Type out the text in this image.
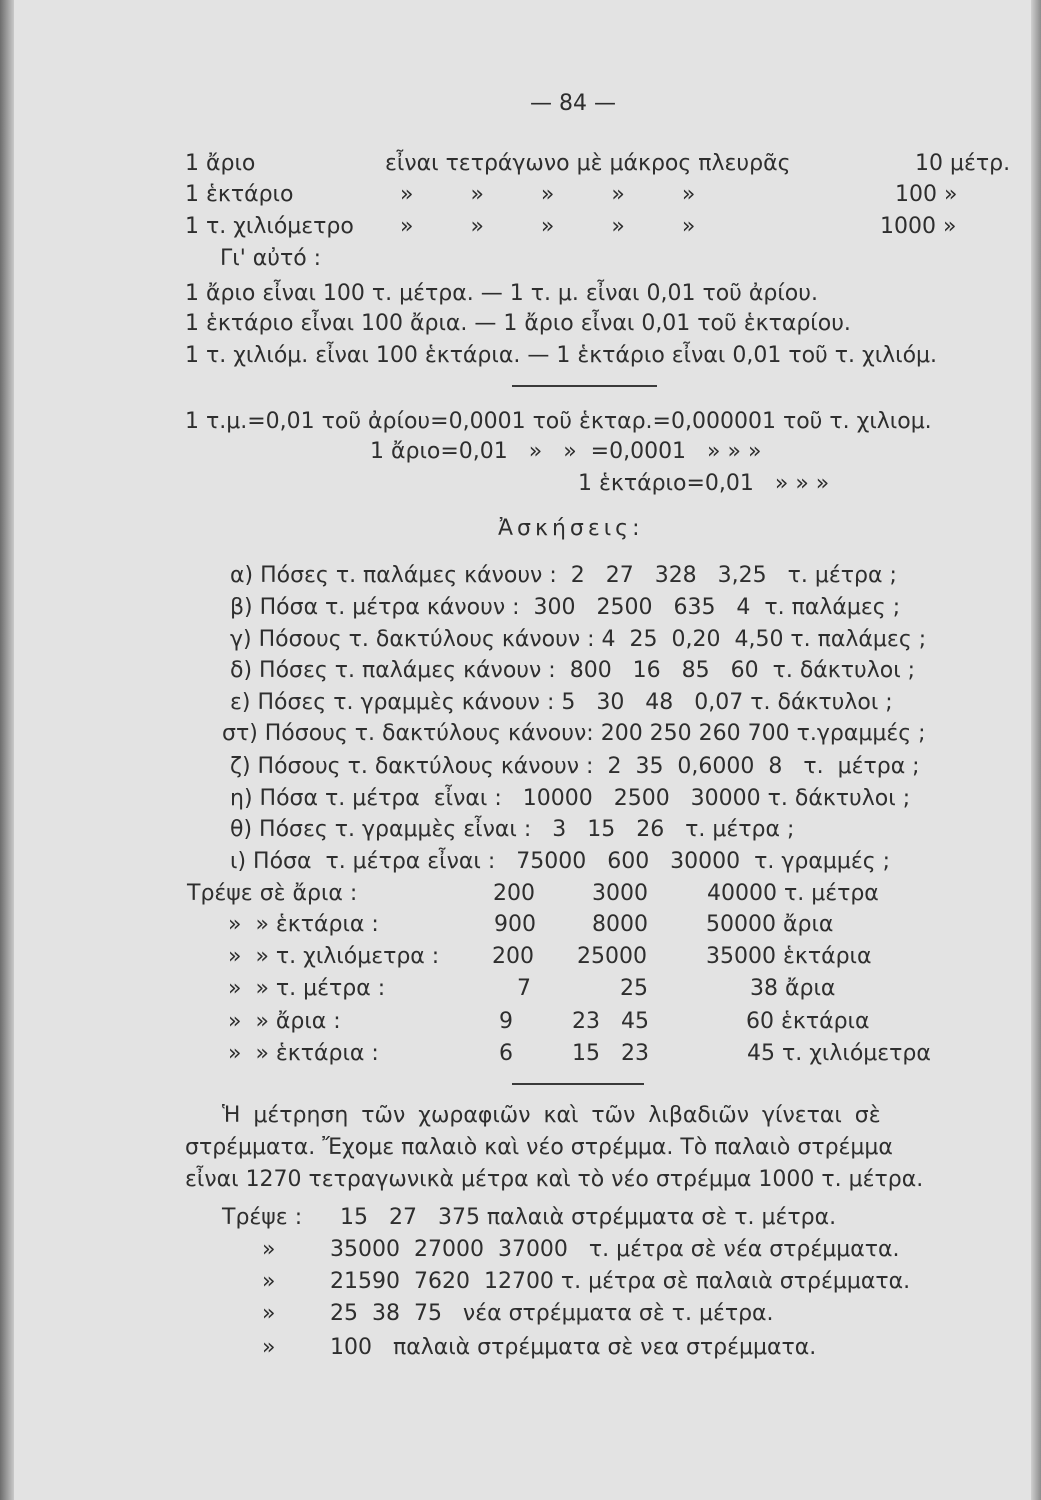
— 84 —
1 ἄριο	εἶναι τετράγωνο μὲ μάκρος πλευρᾶς	10 μέτρ.
1 ἑκτάριο	» » » » »	100 »
1 τ. χιλιόμετρο » » » » »	1000 »
Γι' αὐτό :
1 ἄριο εἶναι 100 τ. μέτρα. — 1 τ. μ. εἶναι 0,01 τοῦ ἀρίου.
1 ἑκτάριο εἶναι 100 ἄρια. — 1 ἄριο εἶναι 0,01 τοῦ ἑκταρίου.
1 τ. χιλιόμ. εἶναι 100 ἑκτάρια. — 1 ἑκτάριο εἶναι 0,01 τοῦ τ. χιλιόμ.
1 τ.μ.=0,01 τοῦ ἀρίου=0,0001 τοῦ ἑκταρ.=0,000001 τοῦ τ. χιλιομ.
1 ἄριο=0,01   »   »  =0,0001   » » »
1 ἑκτάριο=0,01   » » »
Ἀσκήσεις:
α) Πόσες τ. παλάμες κάνουν :  2   27   328   3,25   τ. μέτρα ;
β) Πόσα τ. μέτρα κάνουν :  300   2500   635   4  τ. παλάμες ;
γ) Πόσους τ. δακτύλους κάνουν : 4  25  0,20  4,50 τ. παλάμες ;
δ) Πόσες τ. παλάμες κάνουν :  800   16   85   60  τ. δάκτυλοι ;
ε) Πόσες τ. γραμμὲς κάνουν : 5   30   48   0,07 τ. δάκτυλοι ;
στ) Πόσους τ. δακτύλους κάνουν: 200 250 260 700 τ.γραμμές ;
ζ) Πόσους τ. δακτύλους κάνουν :  2  35  0,6000  8   τ.  μέτρα ;
η) Πόσα τ. μέτρα  εἶναι :   10000   2500   30000 τ. δάκτυλοι ;
θ) Πόσες τ. γραμμὲς εἶναι :   3   15   26   τ. μέτρα ;
ι) Πόσα  τ. μέτρα εἶναι :   75000   600   30000  τ. γραμμές ;
Τρέψε σὲ ἄρια :	200	3000	40000 τ. μέτρα
»  » ἑκτάρια :	900	8000	50000 ἄρια
»  » τ. χιλιόμετρα : 200 25000	35000 ἑκτάρια
»  » τ. μέτρα :	7	25	38 ἄρια
»  » ἄρια :	9	23   45	60 ἑκτάρια
»  » ἑκτάρια :	6	15   23	45 τ. χιλιόμετρα
Ἡ μέτρηση τῶν χωραφιῶν καὶ τῶν λιβαδιῶν γίνεται σὲ
στρέμματα. Ἔχομε παλαιὸ καὶ νέο στρέμμα. Τὸ παλαιὸ στρέμμα
εἶναι 1270 τετραγωνικὰ μέτρα καὶ τὸ νέο στρέμμα 1000 τ. μέτρα.
Τρέψε : 15   27   375 παλαιὰ στρέμματα σὲ τ. μέτρα.
» 35000  27000  37000   τ. μέτρα σὲ νέα στρέμματα.
» 21590  7620  12700 τ. μέτρα σὲ παλαιὰ στρέμματα.
» 25  38  75   νέα στρέμματα σὲ τ. μέτρα.
» 100   παλαιὰ στρέμματα σὲ νεα στρέμματα.
